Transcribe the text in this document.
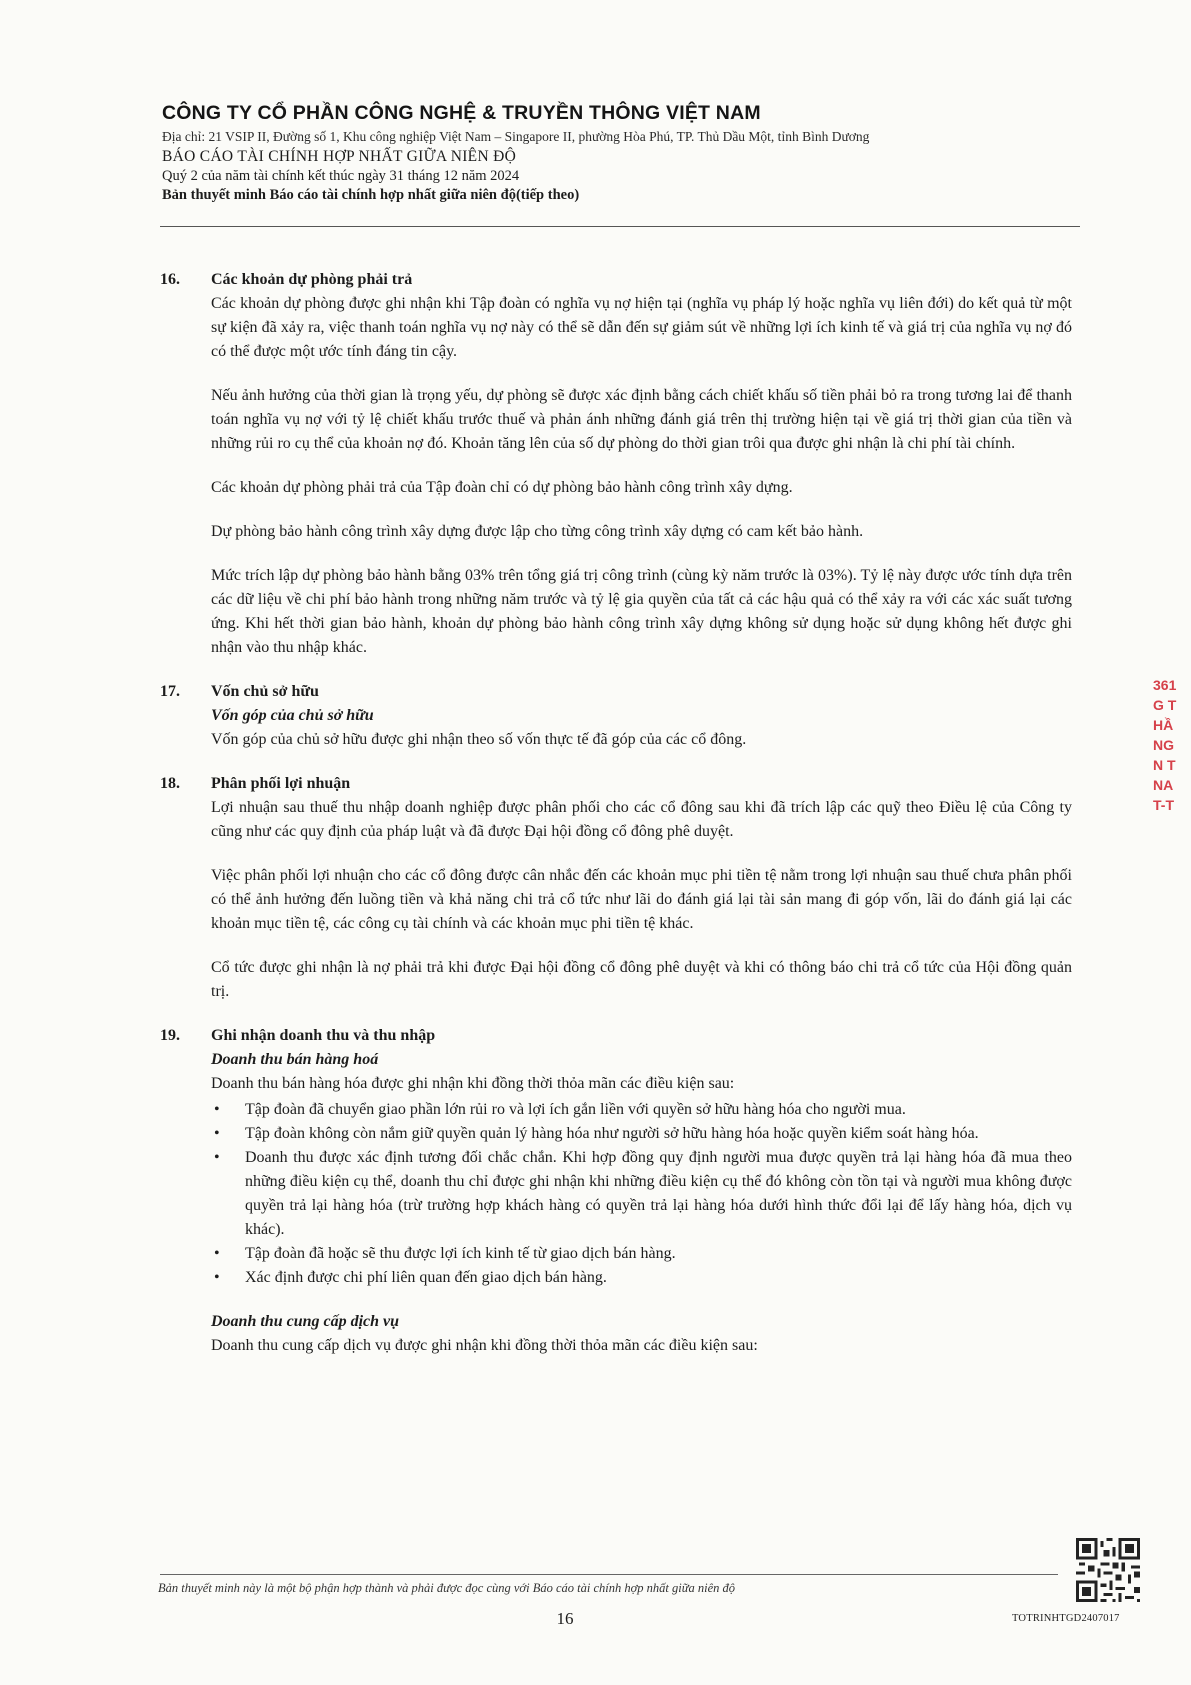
CÔNG TY CỔ PHẦN CÔNG NGHỆ & TRUYỀN THÔNG VIỆT NAM
Địa chỉ: 21 VSIP II, Đường số 1, Khu công nghiệp Việt Nam – Singapore II, phường Hòa Phú, TP. Thủ Dầu Một, tỉnh Bình Dương
BÁO CÁO TÀI CHÍNH HỢP NHẤT GIỮA NIÊN ĐỘ
Quý 2 của năm tài chính kết thúc ngày 31 tháng 12 năm 2024
Bản thuyết minh Báo cáo tài chính hợp nhất giữa niên độ(tiếp theo)
16. Các khoản dự phòng phải trả

Các khoản dự phòng được ghi nhận khi Tập đoàn có nghĩa vụ nợ hiện tại (nghĩa vụ pháp lý hoặc nghĩa vụ liên đới) do kết quả từ một sự kiện đã xảy ra, việc thanh toán nghĩa vụ nợ này có thể sẽ dẫn đến sự giảm sút về những lợi ích kinh tế và giá trị của nghĩa vụ nợ đó có thể được một ước tính đáng tin cậy.

Nếu ảnh hưởng của thời gian là trọng yếu, dự phòng sẽ được xác định bằng cách chiết khấu số tiền phải bỏ ra trong tương lai để thanh toán nghĩa vụ nợ với tỷ lệ chiết khấu trước thuế và phản ánh những đánh giá trên thị trường hiện tại về giá trị thời gian của tiền và những rủi ro cụ thể của khoản nợ đó. Khoản tăng lên của số dự phòng do thời gian trôi qua được ghi nhận là chi phí tài chính.

Các khoản dự phòng phải trả của Tập đoàn chỉ có dự phòng bảo hành công trình xây dựng.

Dự phòng bảo hành công trình xây dựng được lập cho từng công trình xây dựng có cam kết bảo hành.

Mức trích lập dự phòng bảo hành bằng 03% trên tổng giá trị công trình (cùng kỳ năm trước là 03%). Tỷ lệ này được ước tính dựa trên các dữ liệu về chi phí bảo hành trong những năm trước và tỷ lệ gia quyền của tất cả các hậu quả có thể xảy ra với các xác suất tương ứng. Khi hết thời gian bảo hành, khoản dự phòng bảo hành công trình xây dựng không sử dụng hoặc sử dụng không hết được ghi nhận vào thu nhập khác.

17. Vốn chủ sở hữu
Vốn góp của chủ sở hữu

Vốn góp của chủ sở hữu được ghi nhận theo số vốn thực tế đã góp của các cổ đông.

18. Phân phối lợi nhuận

Lợi nhuận sau thuế thu nhập doanh nghiệp được phân phối cho các cổ đông sau khi đã trích lập các quỹ theo Điều lệ của Công ty cũng như các quy định của pháp luật và đã được Đại hội đồng cổ đông phê duyệt.

Việc phân phối lợi nhuận cho các cổ đông được cân nhắc đến các khoản mục phi tiền tệ nằm trong lợi nhuận sau thuế chưa phân phối có thể ảnh hưởng đến luồng tiền và khả năng chi trả cổ tức như lãi do đánh giá lại tài sản mang đi góp vốn, lãi do đánh giá lại các khoản mục tiền tệ, các công cụ tài chính và các khoản mục phi tiền tệ khác.

Cổ tức được ghi nhận là nợ phải trả khi được Đại hội đồng cổ đông phê duyệt và khi có thông báo chi trả cổ tức của Hội đồng quản trị.

19. Ghi nhận doanh thu và thu nhập
Doanh thu bán hàng hoá

Doanh thu bán hàng hóa được ghi nhận khi đồng thời thỏa mãn các điều kiện sau:

• Tập đoàn đã chuyển giao phần lớn rủi ro và lợi ích gắn liền với quyền sở hữu hàng hóa cho người mua.
• Tập đoàn không còn nắm giữ quyền quản lý hàng hóa như người sở hữu hàng hóa hoặc quyền kiểm soát hàng hóa.
• Doanh thu được xác định tương đối chắc chắn. Khi hợp đồng quy định người mua được quyền trả lại hàng hóa đã mua theo những điều kiện cụ thể, doanh thu chỉ được ghi nhận khi những điều kiện cụ thể đó không còn tồn tại và người mua không được quyền trả lại hàng hóa (trừ trường hợp khách hàng có quyền trả lại hàng hóa dưới hình thức đổi lại để lấy hàng hóa, dịch vụ khác).
• Tập đoàn đã hoặc sẽ thu được lợi ích kinh tế từ giao dịch bán hàng.
• Xác định được chi phí liên quan đến giao dịch bán hàng.
Doanh thu cung cấp dịch vụ

Doanh thu cung cấp dịch vụ được ghi nhận khi đồng thời thỏa mãn các điều kiện sau:

Bản thuyết minh này là một bộ phận hợp thành và phải được đọc cùng với Báo cáo tài chính hợp nhất giữa niên độ
16	TOTRINHTGD2407017
361
G T
HẦ
NG
N T
NA
T-T
